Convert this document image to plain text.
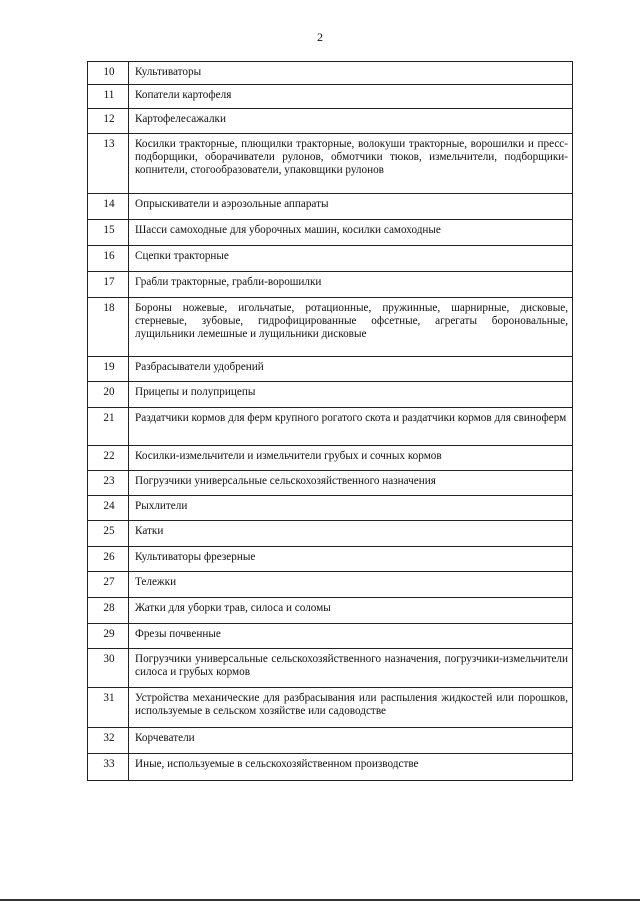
2
10	Культиваторы
11	Копатели картофеля
12	Картофелесажалки
13	Косилки тракторные, плющилки тракторные, волокуши тракторные, ворошилки и пресс-подборщики, оборачиватели рулонов, обмотчики тюков, измельчители, подборщики-копнители, стогообразователи, упаковщики рулонов
14	Опрыскиватели и аэрозольные аппараты
15	Шасси самоходные для уборочных машин, косилки самоходные
16	Сцепки тракторные
17	Грабли тракторные, грабли-ворошилки
18	Бороны ножевые, игольчатые, ротационные, пружинные, шарнирные, дисковые, стерневые, зубовые, гидрофицированные офсетные, агрегаты бороновальные, лущильники лемешные и лущильники дисковые
19	Разбрасыватели удобрений
20	Прицепы и полуприцепы
21	Раздатчики кормов для ферм крупного рогатого скота и раздатчики кормов для свиноферм
22	Косилки-измельчители и измельчители грубых и сочных кормов
23	Погрузчики универсальные сельскохозяйственного назначения
24	Рыхлители
25	Катки
26	Культиваторы фрезерные
27	Тележки
28	Жатки для уборки трав, силоса и соломы
29	Фрезы почвенные
30	Погрузчики универсальные сельскохозяйственного назначения, погрузчики-измельчители силоса и грубых кормов
31	Устройства механические для разбрасывания или распыления жидкостей или порошков, используемые в сельском хозяйстве или садоводстве
32	Корчеватели
33	Иные, используемые в сельскохозяйственном производстве
